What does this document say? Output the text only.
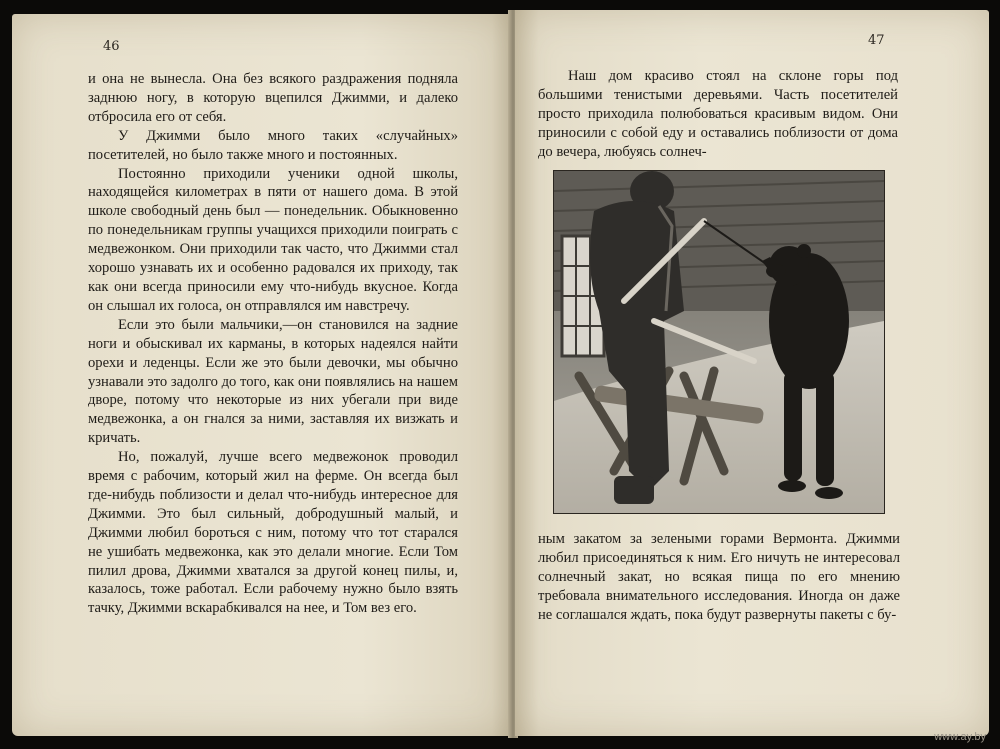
46	47

и она не вынесла. Она без всякого раздражения подняла заднюю ногу, в которую вцепился Джимми, и далеко отбросила его от себя.

У Джимми было много таких «случайных» посетителей, но было также много и постоянных.

Постоянно приходили ученики одной школы, находящейся километрах в пяти от нашего дома. В этой школе свободный день был — понедельник. Обыкновенно по понедельникам группы учащихся приходили поиграть с медвежонком. Они приходили так часто, что Джимми стал хорошо узнавать их и особенно радовался их приходу, так как они всегда приносили ему что-нибудь вкусное. Когда он слышал их голоса, он отправлялся им навстречу.

Если это были мальчики,—он становился на задние ноги и обыскивал их карманы, в которых надеялся найти орехи и леденцы. Если же это были девочки, мы обычно узнавали это задолго до того, как они появлялись на нашем дворе, потому что некоторые из них убегали при виде медвежонка, а он гнался за ними, заставляя их визжать и кричать.

Но, пожалуй, лучше всего медвежонок проводил время с рабочим, который жил на ферме. Он всегда был где-нибудь поблизости и делал что-нибудь интересное для Джимми. Это был сильный, добродушный малый, и Джимми любил бороться с ним, потому что тот старался не ушибать медвежонка, как это делали многие. Если Том пилил дрова, Джимми хватался за другой конец пилы, и, казалось, тоже работал. Если рабочему нужно было взять тачку, Джимми вскарабкивался на нее, и Том вез его.

Наш дом красиво стоял на склоне горы под большими тенистыми деревьями. Часть посетителей просто приходила полюбоваться красивым видом. Они приносили с собой еду и оставались поблизости от дома до вечера, любуясь солнеч-

ным закатом за зелеными горами Вермонта. Джимми любил присоединяться к ним. Его ничуть не интересовал солнечный закат, но всякая пища по его мнению требовала внимательного исследования. Иногда он даже не соглашался ждать, пока будут развернуты пакеты с бу-

www.ay.by
